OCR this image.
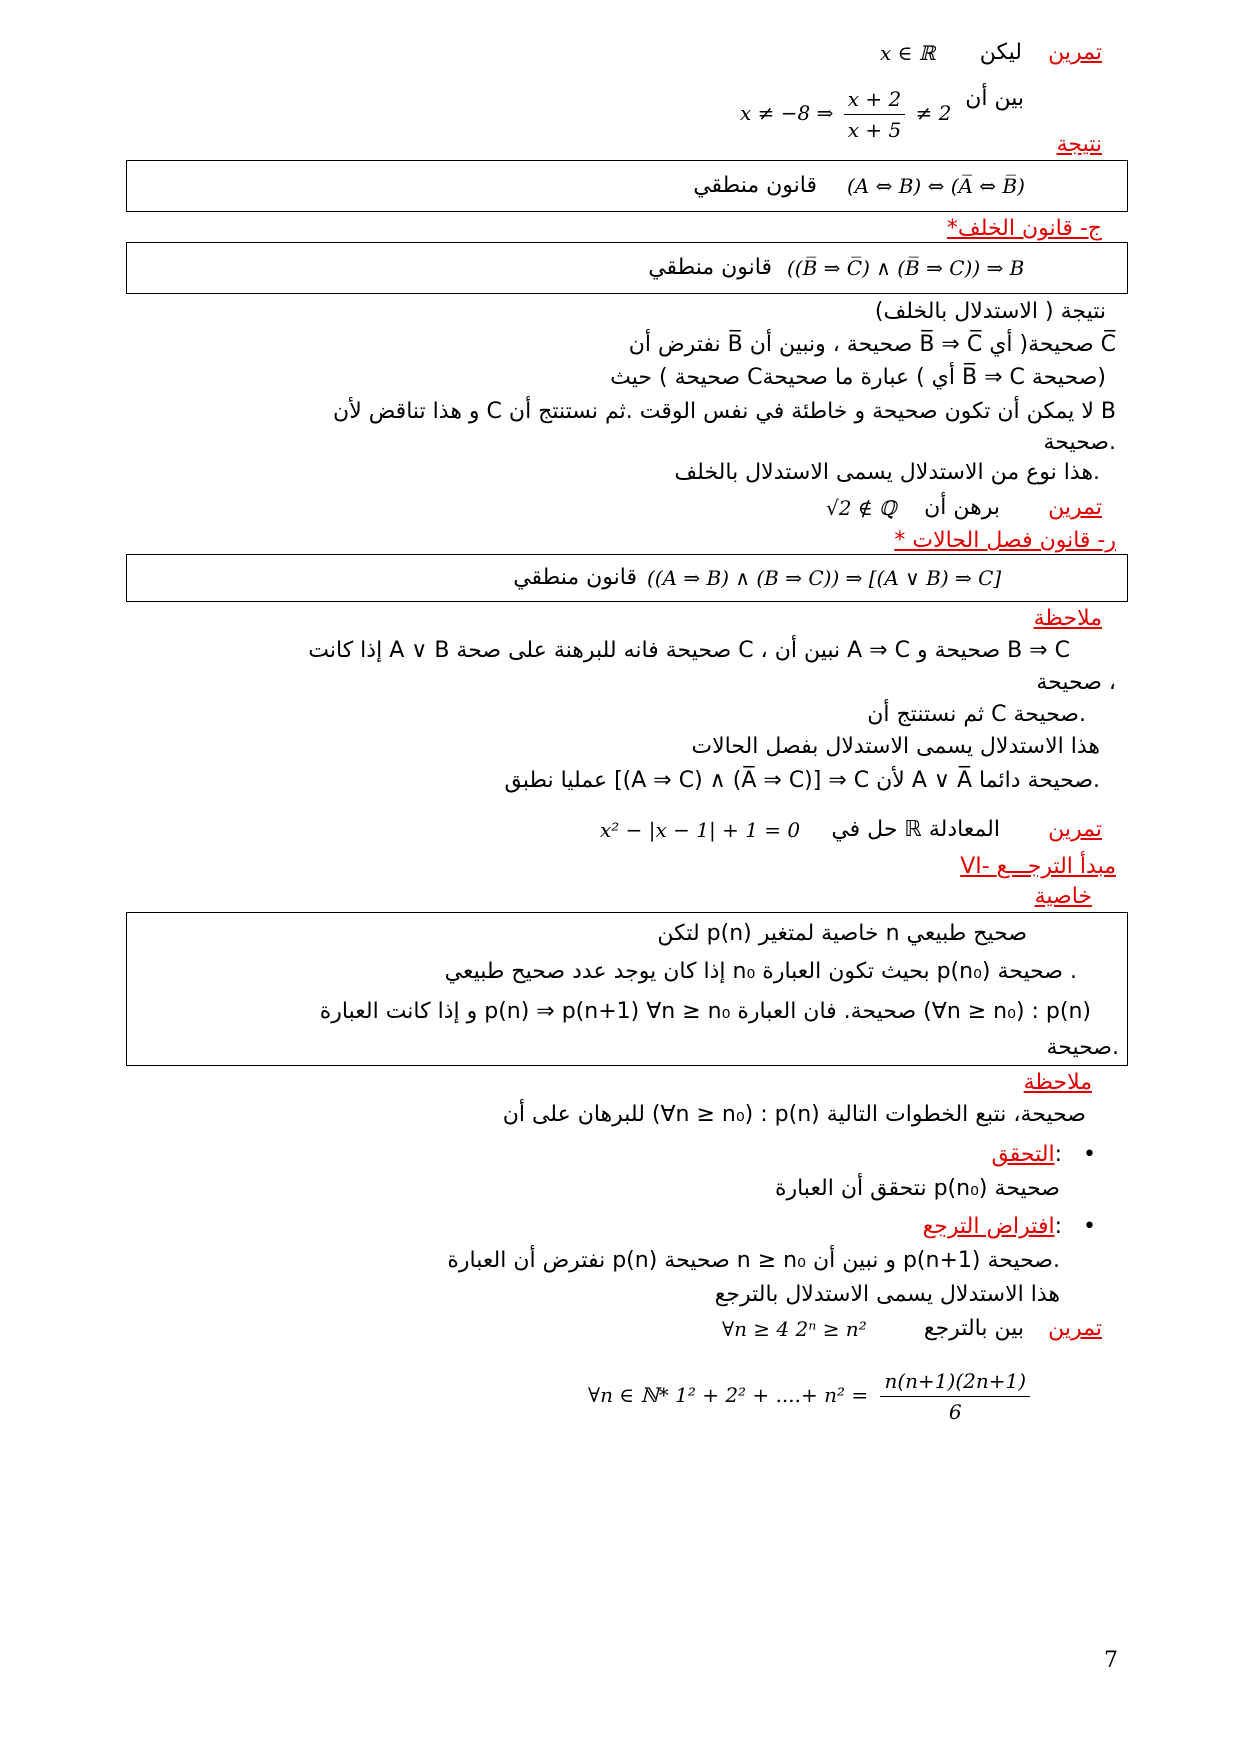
تمرين
ليكن
x ∈ ℝ
بين أن
x ≠ −8 ⇒ $\frac{x + 2}{x + 5} \ne 2$
نتيجة
(A ⇔ B) ⇔ (A̅ ⇔ B̅)
قانون منطقي
*ج- قانون الخلف
((B̅ ⇒ C̅) ∧ (B̅ ⇒ C)) ⇒ B
قانون منطقي
نتيجة ( الاستدلال بالخلف)
نفترض أن B̅ صحيحة ، ونبين أن B̅ ⇒ C̅ صحيحة( أي C̅
صحيحة ) حيث Cعبارة ما صحيحة ( أي B̅ ⇒ C صحيحة)
و هذا تناقض لأن C لا يمكن أن تكون صحيحة و خاطئة في نفس الوقت .ثم نستنتج أن B
صحيحة.
هذا نوع من الاستدلال يسمى الاستدلال بالخلف.
تمرين
برهن أن
√2 ∉ ℚ
* ر- قانون فصل الحالات
((A ⇒ B) ∧ (B ⇒ C)) ⇒ [(A ∨ B) ⇒ C]
قانون منطقي
ملاحظة
إذا كانت A ∨ B صحيحة فانه للبرهنة على صحة C ، نبين أن A ⇒ C صحيحة و B ⇒ C
صحيحة ،
ثم نستنتج أن C صحيحة.
هذا الاستدلال يسمى الاستدلال بفصل الحالات
عمليا نطبق [(A ⇒ C) ∧ (A̅ ⇒ C)] ⇒ C لأن A ∨ A̅ صحيحة دائما.
تمرين
حل في ℝ المعادلة
x² − |x − 1| + 1 = 0
VI- مبدأ الترجـــع
خاصية
لتكن p(n) خاصية لمتغير n صحيح طبيعي
إذا كان يوجد عدد صحيح طبيعي n₀ بحيث تكون العبارة p(n₀) صحيحة .
و إذا كانت العبارة p(n) ⇒ p(n+1) ∀n ≥ n₀ صحيحة. فان العبارة (∀n ≥ n₀) : p(n)
صحيحة.
ملاحظة
للبرهان على أن (∀n ≥ n₀) : p(n) صحيحة، نتبع الخطوات التالية
•
التحقق:
نتحقق أن العبارة p(n₀) صحيحة
•
افتراض الترجع:
نفترض أن العبارة p(n) صحيحة n ≥ n₀ و نبين أن p(n+1) صحيحة.
هذا الاستدلال يسمى الاستدلال بالترجع
تمرين
بين بالترجع
∀n ≥ 4 2ⁿ ≥ n²
∀n ∈ ℕ* 1² + 2² + ....+ $n^2 = \frac{n(n+1)(2n+1)}{6}$
7
